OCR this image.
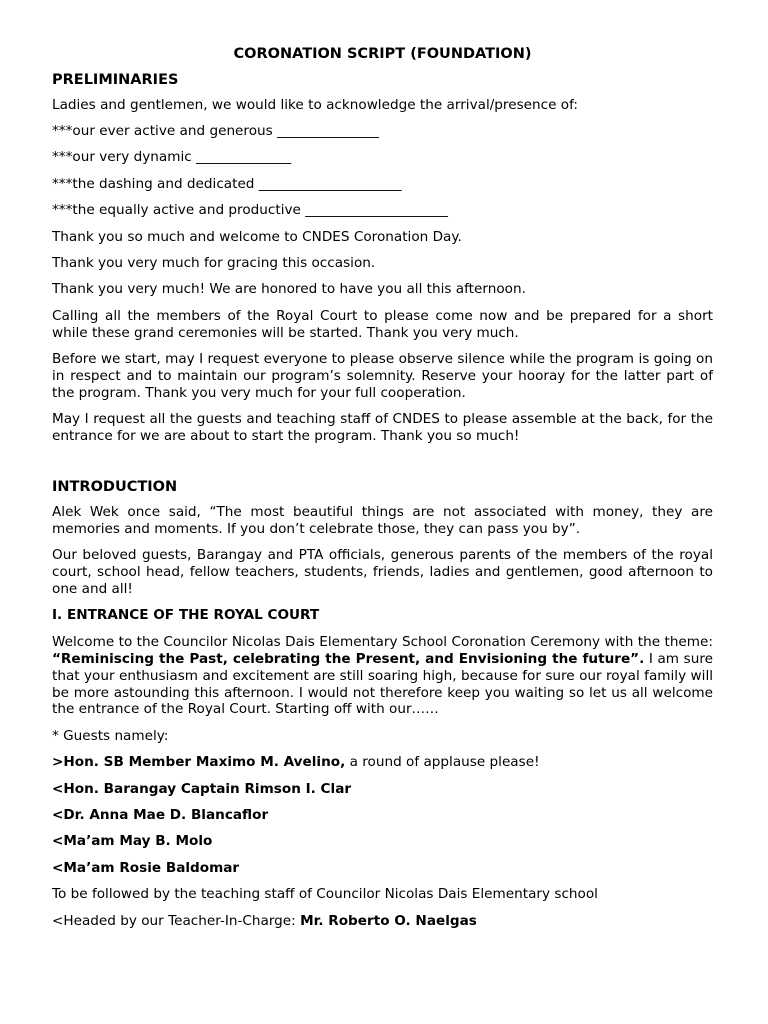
CORONATION SCRIPT (FOUNDATION)
PRELIMINARIES

Ladies and gentlemen, we would like to acknowledge the arrival/presence of:

***our ever active and generous _______________

***our very dynamic ______________

***the dashing and dedicated _____________________

***the equally active and productive _____________________

Thank you so much and welcome to CNDES Coronation Day.

Thank you very much for gracing this occasion.

Thank you very much! We are honored to have you all this afternoon.

Calling all the members of the Royal Court to please come now and be prepared for a short while these grand ceremonies will be started. Thank you very much.

Before we start, may I request everyone to please observe silence while the program is going on in respect and to maintain our program’s solemnity. Reserve your hooray for the latter part of the program. Thank you very much for your full cooperation.

May I request all the guests and teaching staff of CNDES to please assemble at the back, for the entrance for we are about to start the program. Thank you so much!

INTRODUCTION

Alek Wek once said, “The most beautiful things are not associated with money, they are memories and moments. If you don’t celebrate those, they can pass you by”.

Our beloved guests, Barangay and PTA officials, generous parents of the members of the royal court, school head, fellow teachers, students, friends, ladies and gentlemen, good afternoon to one and all!

I. ENTRANCE OF THE ROYAL COURT

Welcome to the Councilor Nicolas Dais Elementary School Coronation Ceremony with the theme: “Reminiscing the Past, celebrating the Present, and Envisioning the future”. I am sure that your enthusiasm and excitement are still soaring high, because for sure our royal family will be more astounding this afternoon. I would not therefore keep you waiting so let us all welcome the entrance of the Royal Court. Starting off with our……

* Guests namely:

>Hon. SB Member Maximo M. Avelino, a round of applause please!

<Hon. Barangay Captain Rimson I. Clar

<Dr. Anna Mae D. Blancaflor

<Ma’am May B. Molo

<Ma’am Rosie Baldomar

To be followed by the teaching staff of Councilor Nicolas Dais Elementary school

<Headed by our Teacher-In-Charge: Mr. Roberto O. Naelgas
